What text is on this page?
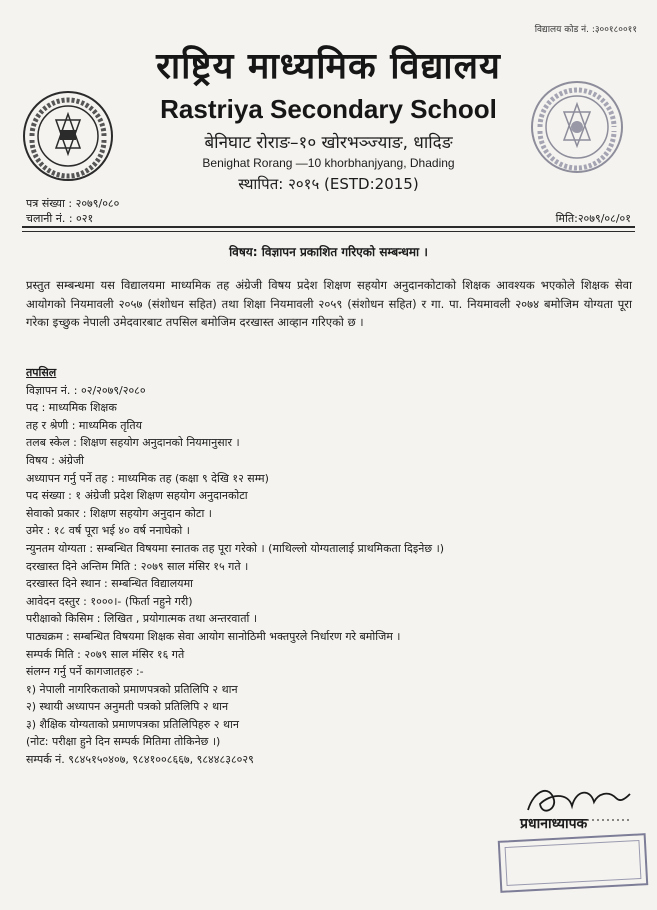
विद्यालय कोड नं. :३००१८००११
राष्ट्रिय माध्यमिक विद्यालय
Rastriya Secondary School
बेनिघाट रोराङ–१० खोरभञ्ज्याङ, धादिङ
Benighat Rorang —10 khorbhanjyang, Dhading
स्थापित: २०१५ (ESTD:2015)
पत्र संख्या : २०७९/०८०
चलानी नं. : ०२१	मिति:२०७९/०८/०१
विषय: विज्ञापन प्रकाशित गरिएको सम्बन्धमा ।
प्रस्तुत सम्बन्धमा यस विद्यालयमा माध्यमिक तह अंग्रेजी विषय प्रदेश शिक्षण सहयोग अनुदानकोटाको शिक्षक आवश्यक भएकोले शिक्षक सेवा आयोगको नियमावली २०५७ (संशोधन सहित) तथा शिक्षा नियमावली २०५९ (संशोधन सहित) र गा. पा. नियमावली २०७४ बमोजिम योग्यता पूरा गरेका इच्छुक नेपाली उमेदवारबाट तपसिल बमोजिम दरखास्त आव्हान गरिएको छ ।
तपसिल
विज्ञापन नं. : ०२/२०७९/२०८०
पद : माध्यमिक शिक्षक
तह र श्रेणी : माध्यमिक तृतिय
तलब स्केल : शिक्षण सहयोग अनुदानको नियमानुसार ।
विषय : अंग्रेजी
अध्यापन गर्नु पर्ने तह : माध्यमिक तह (कक्षा ९ देखि १२ सम्म)
पद संख्या : १ अंग्रेजी प्रदेश शिक्षण सहयोग अनुदानकोटा
सेवाको प्रकार : शिक्षण सहयोग अनुदान कोटा ।
उमेर : १८ वर्ष पूरा भई ४० वर्ष ननाघेको ।
न्युनतम योग्यता : सम्बन्धित विषयमा स्नातक तह पूरा गरेको । (माथिल्लो योग्यतालाई प्राथमिकता दिइनेछ ।)
दरखास्त दिने अन्तिम मिति : २०७९ साल मंसिर १५ गते ।
दरखास्त दिने स्थान : सम्बन्धित विद्यालयमा
आवेदन दस्तुर : १०००।- (फिर्ता नहुने गरी)
परीक्षाको किसिम : लिखित , प्रयोगात्मक तथा अन्तरवार्ता ।
पाठ्यक्रम : सम्बन्धित विषयमा शिक्षक सेवा आयोग सानोठिमी भक्तपुरले निर्धारण गरे बमोजिम ।
सम्पर्क मिति : २०७९ साल मंसिर १६ गते
संलग्न गर्नु पर्ने कागजातहरु :-
१) नेपाली नागरिकताको प्रमाणपत्रको प्रतिलिपि २ थान
२) स्थायी अध्यापन अनुमती पत्रको प्रतिलिपि २ थान
३) शैक्षिक योग्यताको प्रमाणपत्रका प्रतिलिपिहरु २ थान
(नोट: परीक्षा हुने दिन सम्पर्क मितिमा तोकिनेछ ।)
सम्पर्क नं. ९८४५१५०४०७, ९८४१००८६६७, ९८४४८३८०२९
प्रधानाध्यापक
